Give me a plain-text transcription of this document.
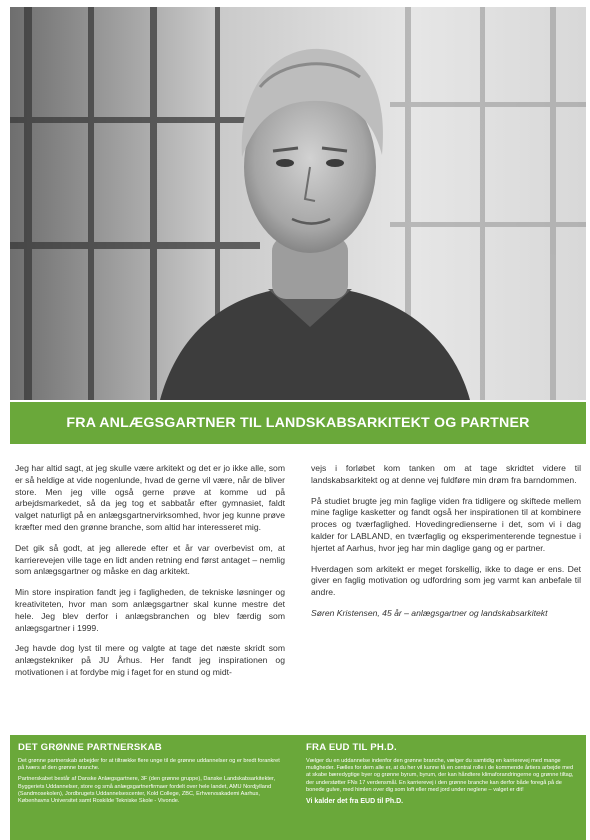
FRA ANLÆGSGARTNER TIL LANDSKABSARKITEKT OG PARTNER

Jeg har altid sagt, at jeg skulle være arkitekt og det er jo ikke alle, som er så heldige at vide nogenlunde, hvad de gerne vil være, når de bliver store. Men jeg ville også gerne prøve at komme ud på arbejdsmarkedet, så da jeg tog et sabbatår efter gymnasiet, faldt valget naturligt på en anlægsgartnervirksomhed, hvor jeg kunne prøve kræfter med den grønne branche, som altid har interesseret mig.

Det gik så godt, at jeg allerede efter et år var overbevist om, at karrierevejen ville tage en lidt anden retning end først antaget – nemlig som anlægsgartner og måske en dag arkitekt.

Min store inspiration fandt jeg i fagligheden, de tekniske løsninger og kreativiteten, hvor man som anlægsgartner skal kunne mestre det hele. Jeg blev derfor i anlægsbranchen og blev færdig som anlægsgartner i 1999.

Jeg havde dog lyst til mere og valgte at tage det næste skridt som anlægstekniker på JU Århus. Her fandt jeg inspirationen og motivationen i at fordybe mig i faget for en stund og midt-

vejs i forløbet kom tanken om at tage skridtet videre til landskabsarkitekt og at denne vej fuldføre min drøm fra barndommen.

På studiet brugte jeg min faglige viden fra tidligere og skiftede mellem mine faglige kasketter og fandt også her inspirationen til at kombinere proces og tværfaglighed. Hovedingredienserne i det, som vi i dag kalder for LABLAND, en tværfaglig og eksperimenterende tegnestue i hjertet af Aarhus, hvor jeg har min daglige gang og er partner.

Hverdagen som arkitekt er meget forskellig, ikke to dage er ens. Det giver en faglig motivation og udfordring som jeg varmt kan anbefale til andre.

Søren Kristensen, 45 år – anlægsgartner og landskabsarkitekt

DET GRØNNE PARTNERSKAB

Det grønne partnerskab arbejder for at tiltrække flere unge til de grønne uddannelser og er bredt forankret på tværs af den grønne branche.

Partnerskabet består af Danske Anlægsgartnere, 3F (den grønne gruppe), Danske Landskabsarkitekter, Byggeriets Uddannelser, store og små anlægsgartnerfirmaer fordelt over hele landet, AMU Nordjylland (Sandmosekolen), Jordbrugets Uddannelsescenter, Kold College, ZBC, Erhvervsakademi Aarhus, Københavns Universitet samt Roskilde Tekniske Skole - Vivonde.

FRA EUD TIL PH.D.

Vælger du en uddannelse indenfor den grønne branche, vælger du samtidig en karrierevej med mange muligheder. Fælles for dem alle er, at du her vil kunne få en central rolle i de kommende årtiers arbejde med at skabe bæredygtige byer og grønne byrum, byrum, der kan håndtere klimaforandringerne og grønne tiltag, der understøtter FNs 17 verdensmål. En karrierevej i den grønne branche kan derfor både foregå på de bonede gulve, med himlen over dig som loft eller med jord under neglene – valget er dit!

Vi kalder det fra EUD til Ph.D.
